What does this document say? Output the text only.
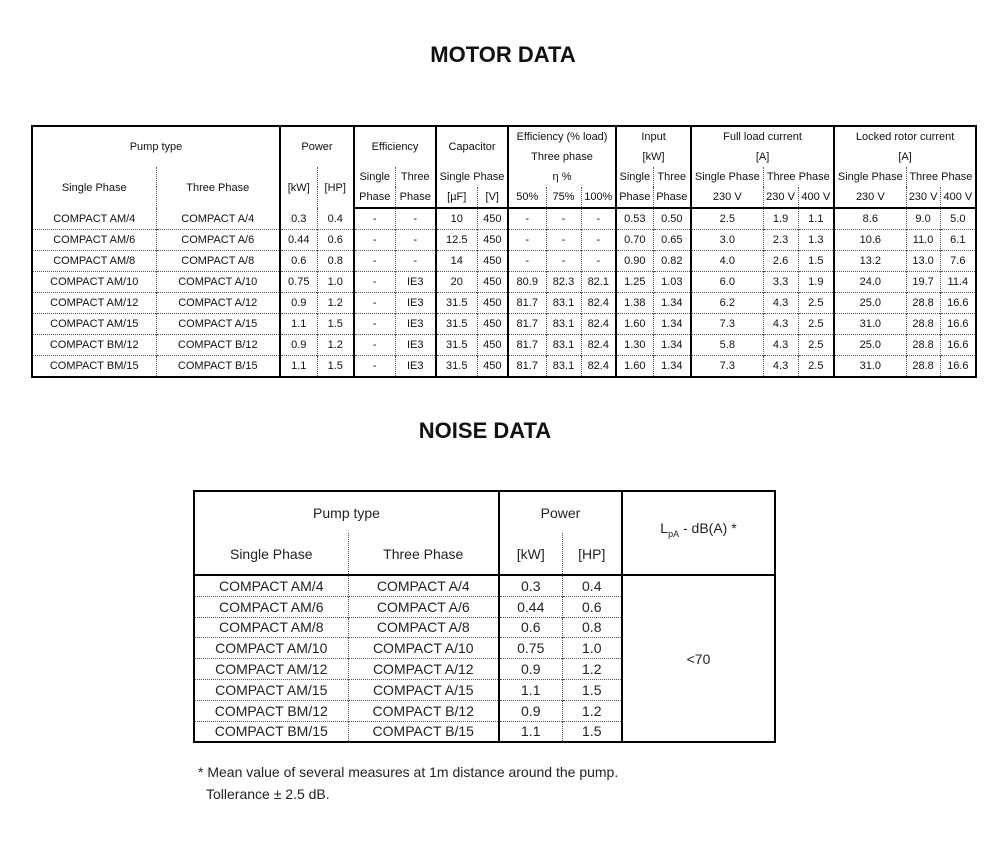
MOTOR DATA
Pump type		Power		Efficiency		Capacitor		Efficiency (% load)			Input		Full load current			Locked rotor current		
								Three phase			[kW]		[A]			[A]		
Single Phase	Three Phase	[kW]	[HP]	Single	Three	Single Phase		η %			Single	Three	Single Phase	Three Phase		Single Phase	Three Phase	
				Phase	Phase	[µF]	[V]	50%	75%	100%	Phase	Phase	230 V	230 V	400 V	230 V	230 V	400 V
COMPACT AM/4	COMPACT A/4	0.3	0.4	-	-	10	450	-	-	-	0.53	0.50	2.5	1.9	1.1	8.6	9.0	5.0
COMPACT AM/6	COMPACT A/6	0.44	0.6	-	-	12.5	450	-	-	-	0.70	0.65	3.0	2.3	1.3	10.6	11.0	6.1
COMPACT AM/8	COMPACT A/8	0.6	0.8	-	-	14	450	-	-	-	0.90	0.82	4.0	2.6	1.5	13.2	13.0	7.6
COMPACT AM/10	COMPACT A/10	0.75	1.0	-	IE3	20	450	80.9	82.3	82.1	1.25	1.03	6.0	3.3	1.9	24.0	19.7	11.4
COMPACT AM/12	COMPACT A/12	0.9	1.2	-	IE3	31.5	450	81.7	83.1	82.4	1.38	1.34	6.2	4.3	2.5	25.0	28.8	16.6
COMPACT AM/15	COMPACT A/15	1.1	1.5	-	IE3	31.5	450	81.7	83.1	82.4	1.60	1.34	7.3	4.3	2.5	31.0	28.8	16.6
COMPACT BM/12	COMPACT B/12	0.9	1.2	-	IE3	31.5	450	81.7	83.1	82.4	1.30	1.34	5.8	4.3	2.5	25.0	28.8	16.6
COMPACT BM/15	COMPACT B/15	1.1	1.5	-	IE3	31.5	450	81.7	83.1	82.4	1.60	1.34	7.3	4.3	2.5	31.0	28.8	16.6
NOISE DATA
Pump type		Power		$L_{pA} - dB(A)$ *
Single Phase	Three Phase	[kW]	[HP]	
COMPACT AM/4	COMPACT A/4	0.3	0.4	<70
COMPACT AM/6	COMPACT A/6	0.44	0.6	
COMPACT AM/8	COMPACT A/8	0.6	0.8	
COMPACT AM/10	COMPACT A/10	0.75	1.0	
COMPACT AM/12	COMPACT A/12	0.9	1.2	
COMPACT AM/15	COMPACT A/15	1.1	1.5	
COMPACT BM/12	COMPACT B/12	0.9	1.2	
COMPACT BM/15	COMPACT B/15	1.1	1.5	
* Mean value of several measures at 1m distance around the pump.
Tollerance ± 2.5 dB.
